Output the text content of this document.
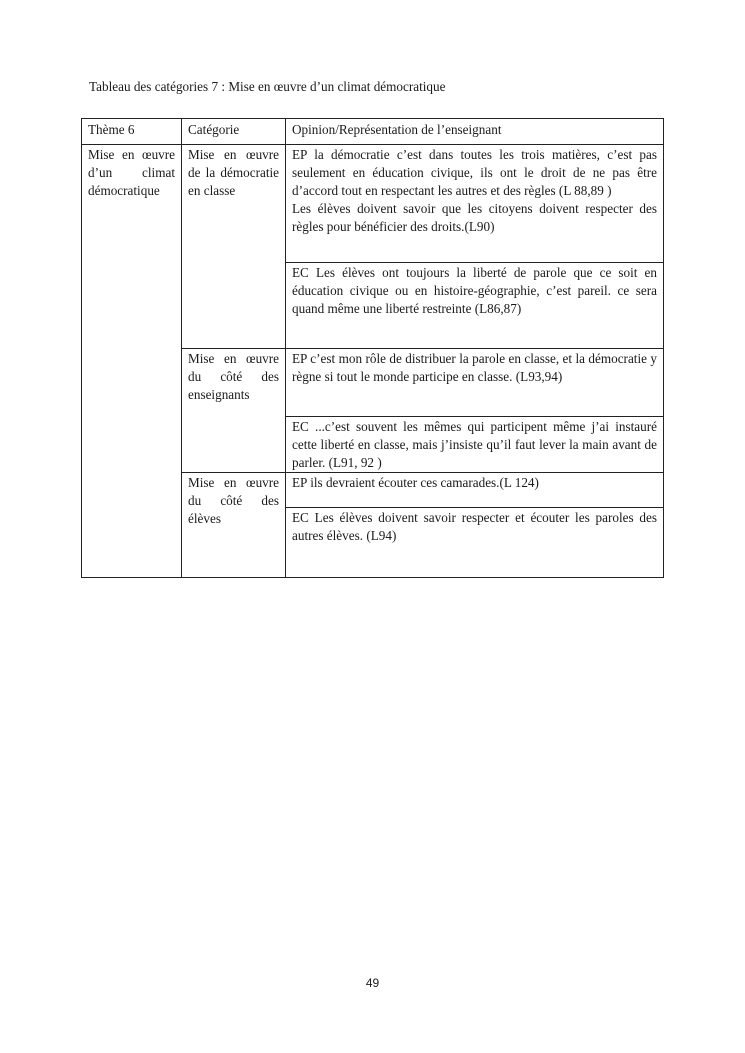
Tableau des catégories 7 : Mise en œuvre d’un climat démocratique
Thème 6	Catégorie	Opinion/Représentation de l’enseignant

Mise en œuvre d’un climat démocratique	Mise en œuvre de la démocratie en classe	EP la démocratie c’est dans toutes les trois matières, c’est pas seulement en éducation civique, ils ont le droit de ne pas être d’accord tout en respectant les autres et des règles (L 88,89 )
Les élèves doivent savoir que les citoyens doivent respecter des règles pour bénéficier des droits.(L90)

		EC Les élèves ont toujours la liberté de parole que ce soit en éducation civique ou en histoire-géographie, c’est pareil. ce sera quand même une liberté restreinte (L86,87)

	Mise en œuvre du côté des enseignants	EP c’est mon rôle de distribuer la parole en classe, et la démocratie y règne si tout le monde participe en classe. (L93,94)

		EC ...c’est souvent les mêmes qui participent même j’ai instauré cette liberté en classe, mais j’insiste qu’il faut lever la main avant de parler. (L91, 92 )

	Mise en œuvre du côté des élèves	EP ils devraient écouter ces camarades.(L 124)

		EC Les élèves doivent savoir respecter et écouter les paroles des autres élèves. (L94)
49
